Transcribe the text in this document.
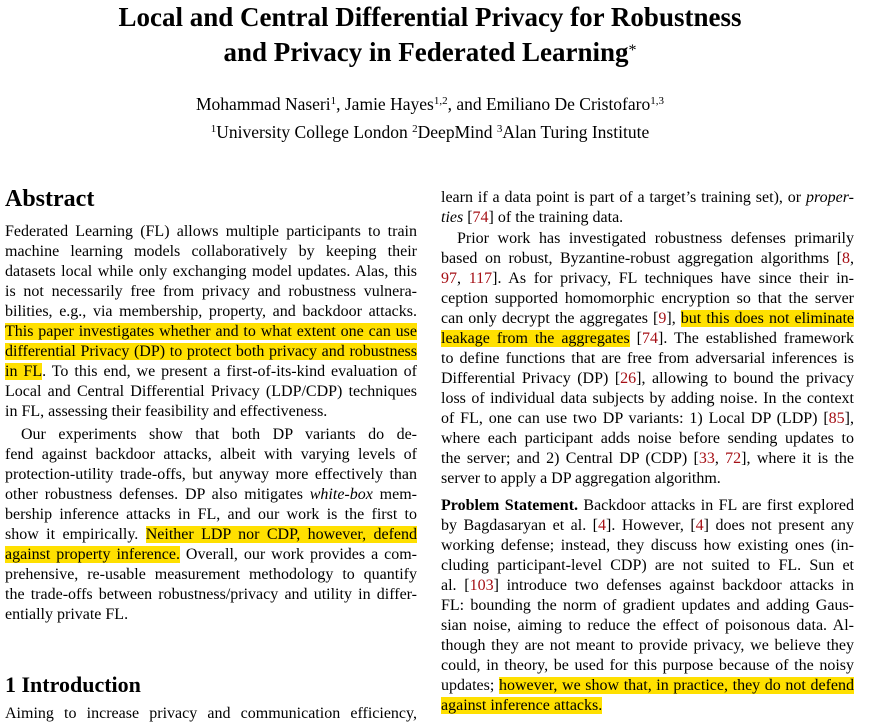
Local and Central Differential Privacy for Robustness
and Privacy in Federated Learning*
Mohammad Naseri$^1$, Jamie Hayes$^{1,2}$, and Emiliano De Cristofaro$^{1,3}$
$^1$University College London $^2$DeepMind $^3$Alan Turing Institute
Abstract
Federated Learning (FL) allows multiple participants to train
machine learning models collaboratively by keeping their
datasets local while only exchanging model updates. Alas, this
is not necessarily free from privacy and robustness vulnera-
bilities, e.g., via membership, property, and backdoor attacks.
This paper investigates whether and to what extent one can use
differential Privacy (DP) to protect both privacy and robustness
in FL. To this end, we present a first-of-its-kind evaluation of
Local and Central Differential Privacy (LDP/CDP) techniques
in FL, assessing their feasibility and effectiveness.
Our experiments show that both DP variants do de-
fend against backdoor attacks, albeit with varying levels of
protection-utility trade-offs, but anyway more effectively than
other robustness defenses. DP also mitigates white-box mem-
bership inference attacks in FL, and our work is the first to
show it empirically. Neither LDP nor CDP, however, defend
against property inference. Overall, our work provides a com-
prehensive, re-usable measurement methodology to quantify
the trade-offs between robustness/privacy and utility in differ-
entially private FL.
1 Introduction
Aiming to increase privacy and communication efficiency,
learn if a data point is part of a target’s training set), or proper-
ties [74] of the training data.
Prior work has investigated robustness defenses primarily
based on robust, Byzantine-robust aggregation algorithms [8,
97, 117]. As for privacy, FL techniques have since their in-
ception supported homomorphic encryption so that the server
can only decrypt the aggregates [9], but this does not eliminate
leakage from the aggregates [74]. The established framework
to define functions that are free from adversarial inferences is
Differential Privacy (DP) [26], allowing to bound the privacy
loss of individual data subjects by adding noise. In the context
of FL, one can use two DP variants: 1) Local DP (LDP) [85],
where each participant adds noise before sending updates to
the server; and 2) Central DP (CDP) [33, 72], where it is the
server to apply a DP aggregation algorithm.
Problem Statement. Backdoor attacks in FL are first explored
by Bagdasaryan et al. [4]. However, [4] does not present any
working defense; instead, they discuss how existing ones (in-
cluding participant-level CDP) are not suited to FL. Sun et
al. [103] introduce two defenses against backdoor attacks in
FL: bounding the norm of gradient updates and adding Gaus-
sian noise, aiming to reduce the effect of poisonous data. Al-
though they are not meant to provide privacy, we believe they
could, in theory, be used for this purpose because of the noisy
updates; however, we show that, in practice, they do not defend
against inference attacks.
